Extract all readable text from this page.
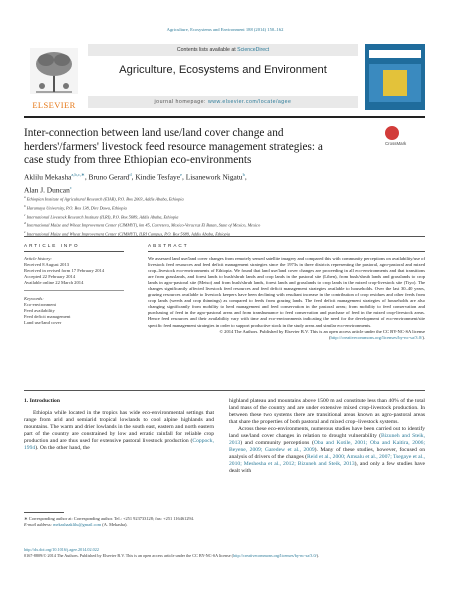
Agriculture, Ecosystems and Environment 188 (2014) 150–162
ELSEVIER
Contents lists available at ScienceDirect
Agriculture, Ecosystems and Environment
journal homepage: www.elsevier.com/locate/agee
Inter-connection between land use/land cover change and herders'/farmers' livestock feed resource management strategies: a case study from three Ethiopian eco-environments
CrossMark
Aklilu Mekasha$^{a,b,c,∗}$, Bruno Gerard$^d$, Kindie Tesfaye$^e$, Lisanework Nigatu$^b$,
Alan J. Duncan$^c$
$^a$ Ethiopian Institute of Agricultural Research (EIAR), P.O. Box 2003, Addis Ababa, Ethiopia
$^b$ Haramaya University, P.O. Box 138, Dire Dawa, Ethiopia
$^c$ International Livestock Research Institute (ILRI), P.O. Box 5689, Addis Ababa, Ethiopia
$^d$ International Maize and Wheat Improvement Center (CIMMYT), km 45, Carretera, Mexico-Veracruz El Batan, State of Mexico, Mexico
$^e$ International Maize and Wheat Improvement Center (CIMMYT), ILRI Campus, P.O. Box 5689, Addis Ababa, Ethiopia
ARTICLE INFO	ABSTRACT
Article history:
Received 8 August 2013
Received in revised form 17 February 2014
Accepted 22 February 2014
Available online 22 March 2014
Keywords:
Eco-environment
Feed availability
Feed deficit management
Land use/land cover
We assessed land use/land cover changes from remotely sensed satellite imagery and compared this with community perceptions on availability/use of livestock feed resources and feed deficit management strategies since the 1973s in three districts representing the pastoral, agro-pastoral and mixed crop–livestock eco-environments of Ethiopia. We found that land use/land cover changes are proceeding in all eco-environments and that transitions are from grasslands, and forest lands to bush/shrub lands and crop lands in the pastoral site (Liben), from bush/shrub lands and grasslands to crop lands in agro-pastoral site (Meiso) and from bush/shrub lands, forest lands and grasslands to crop lands in the mixed crop-livestock site (Tiyo). The changes significantly affected livestock feed resources and feed deficit management strategies available to households. Over the last 30–40 years, grazing resources available to livestock keepers have been declining with resultant increase in the contribution of crop residues and other feeds from crop lands (weeds and crop thinnings) as compared to feeds from grazing lands. The feed deficit management strategies of households are also changing significantly from mobility to herd management and feed conservation in the pastoral areas; from mobility to feed conservation and purchasing of feed in the agro-pastoral areas and from transhumance to feed conservation and purchase of feed in the mixed crop-livestock areas. Hence feed resources and their availability vary with time and eco-environments indicating the need for the development of eco-environment/site specific feed management strategies in order to support productive stock in the study areas and similar eco-environments.
© 2014 The Authors. Published by Elsevier B.V. This is an open access article under the CC BY-NC-SA license (http://creativecommons.org/licenses/by-nc-sa/3.0/).
1. Introduction
Ethiopia while located in the tropics has wide eco-environmental settings that range from arid and semiarid tropical lowlands to cool alpine highlands and mountains. The warm and drier lowlands in the south east, eastern and north eastern part of the country are constrained by low and erratic rainfall for reliable crop production and are thus used for extensive pastoral livestock production (Coppock, 1994). On the other hand, the
highland plateau and mountains above 1500 m asl constitute less than 40% of the total land mass of the country and are under extensive mixed crop-livestock production. In between these two systems there are transitional areas known as agro-pastoral areas that share the properties of both pastoral and mixed crop–livestock systems.
Across these eco-environments, numerous studies have been carried out to identify land use/land cover changes in relation to drought vulnerability (Bizuneh and Steik, 2013) and community perceptions (Oba and Kotile, 2001; Oba and Kaitira, 2006; Beyene, 2009; Garedew et al., 2009). Many of these studies, however, focused on analysis of drivers of the changes (Reid et al., 2000; Amsalu et al., 2007; Tsegaye et al., 2010; Meshesha et al., 2012; Bizuneh and Steik, 2013), and only a few studies have dealt with
∗ Corresponding author at: Corresponding author. Tel.: +251 923733128; fax: +251 116461294.
E-mail address: mekashaaklilu@gmail.com (A. Mekasha).
http://dx.doi.org/10.1016/j.agee.2014.02.022
0167-8809/© 2014 The Authors. Published by Elsevier B.V. This is an open access article under the CC BY-NC-SA license (http://creativecommons.org/licenses/by-nc-sa/3.0/).
